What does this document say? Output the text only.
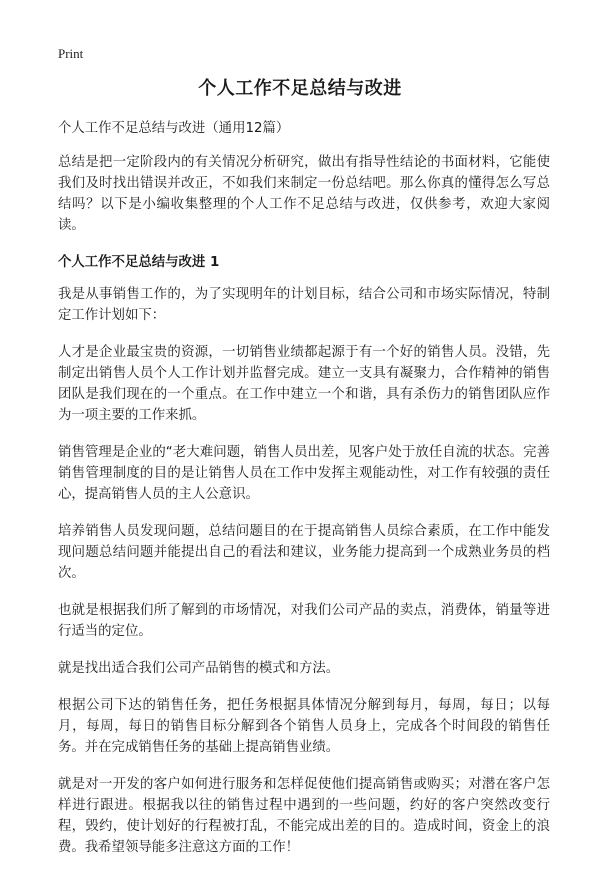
Print
个人工作不足总结与改进

个人工作不足总结与改进（通用12篇）

总结是把一定阶段内的有关情况分析研究，做出有指导性结论的书面材料，它能使我们及时找出错误并改正，不如我们来制定一份总结吧。那么你真的懂得怎么写总结吗？以下是小编收集整理的个人工作不足总结与改进，仅供参考，欢迎大家阅读。

个人工作不足总结与改进 1

我是从事销售工作的，为了实现明年的计划目标，结合公司和市场实际情况，特制定工作计划如下：

人才是企业最宝贵的资源，一切销售业绩都起源于有一个好的销售人员。没错，先制定出销售人员个人工作计划并监督完成。建立一支具有凝聚力，合作精神的销售团队是我们现在的一个重点。在工作中建立一个和谐，具有杀伤力的销售团队应作为一项主要的工作来抓。

销售管理是企业的“老大难问题，销售人员出差，见客户处于放任自流的状态。完善销售管理制度的目的是让销售人员在工作中发挥主观能动性，对工作有较强的责任心，提高销售人员的主人公意识。

培养销售人员发现问题，总结问题目的在于提高销售人员综合素质，在工作中能发现问题总结问题并能提出自己的看法和建议，业务能力提高到一个成熟业务员的档次。

也就是根据我们所了解到的市场情况，对我们公司产品的卖点，消费体，销量等进行适当的定位。

就是找出适合我们公司产品销售的模式和方法。

根据公司下达的销售任务，把任务根据具体情况分解到每月，每周，每日；以每月，每周，每日的销售目标分解到各个销售人员身上，完成各个时间段的销售任务。并在完成销售任务的基础上提高销售业绩。

就是对一开发的客户如何进行服务和怎样促使他们提高销售或购买；对潜在客户怎样进行跟进。根据我以往的销售过程中遇到的一些问题，约好的客户突然改变行程，毁约，使计划好的行程被打乱，不能完成出差的目的。造成时间，资金上的浪费。我希望领导能多注意这方面的工作！
